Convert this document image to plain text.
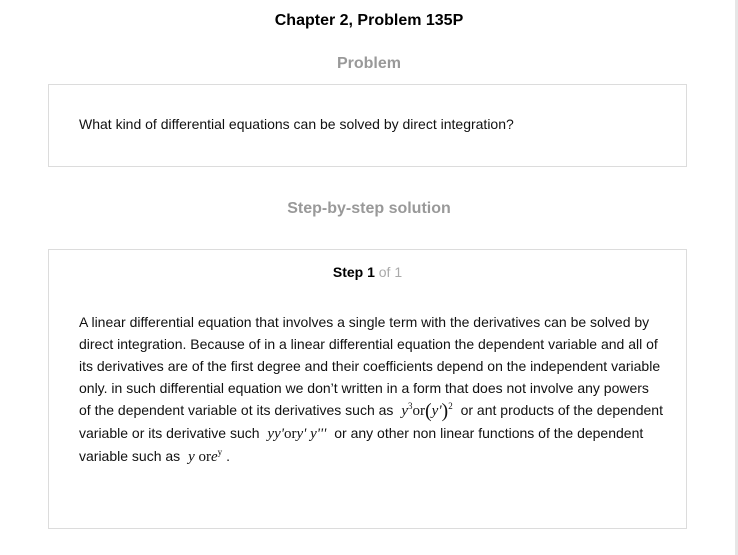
Chapter 2, Problem 135P
Problem
What kind of differential equations can be solved by direct integration?
Step-by-step solution
Step 1 of 1
A linear differential equation that involves a single term with the derivatives can be solved by direct integration. Because of in a linear differential equation the dependent variable and all of its derivatives are of the first degree and their coefficients depend on the independent variable only. in such differential equation we don’t written in a form that does not involve any powers of the dependent variable ot its derivatives such as $y^3or(y')^2$ or ant products of the dependent variable or its derivative such yy'ory' y''' or any other non linear functions of the dependent variable such as y ore$^y$ .
